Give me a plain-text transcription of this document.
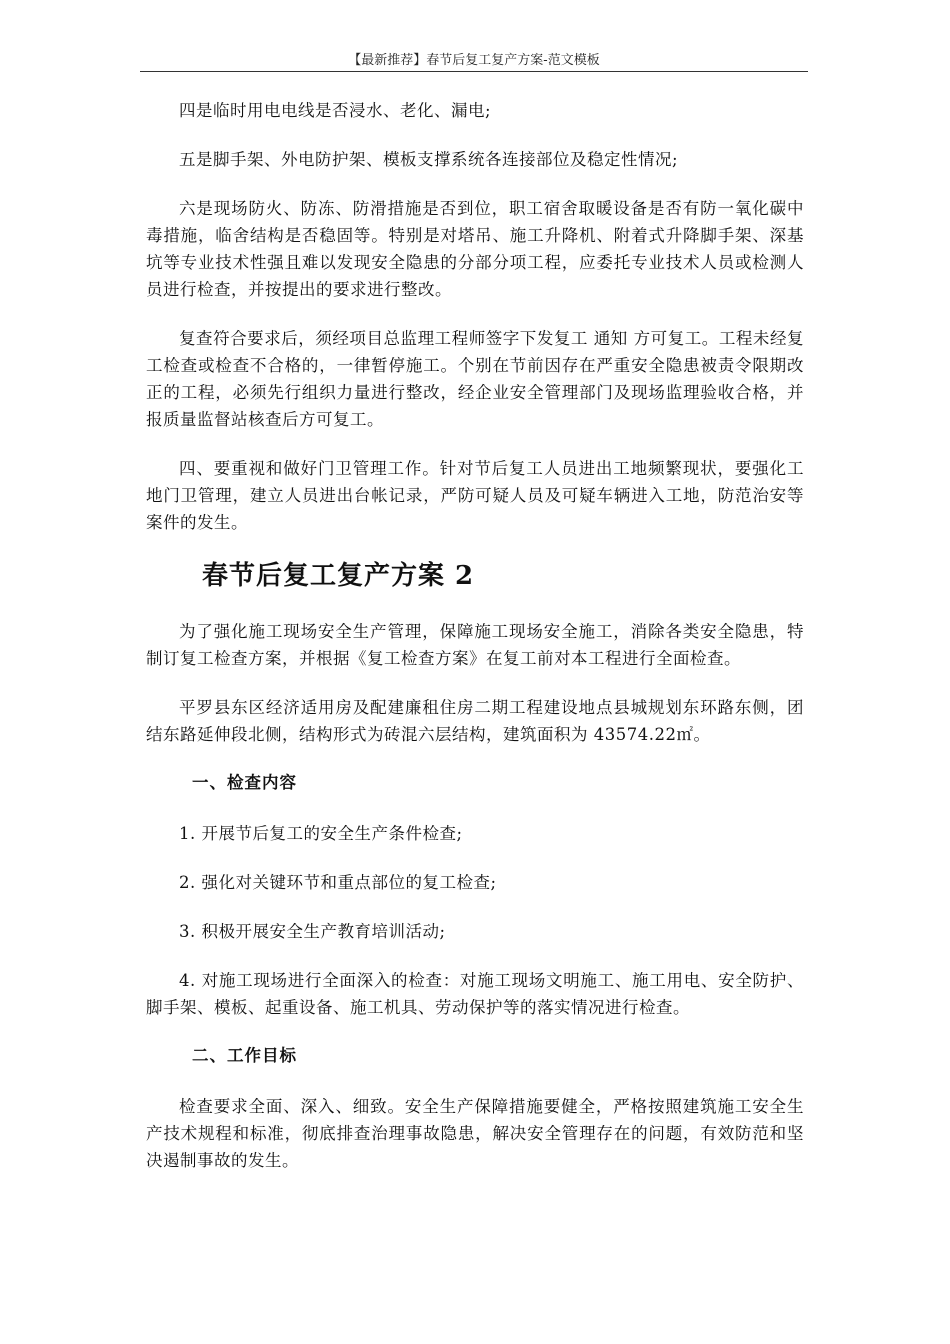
【最新推荐】春节后复工复产方案-范文模板

四是临时用电电线是否浸水、老化、漏电;

五是脚手架、外电防护架、模板支撑系统各连接部位及稳定性情况;

六是现场防火、防冻、防滑措施是否到位，职工宿舍取暖设备是否有防一氧化碳中毒措施，临舍结构是否稳固等。特别是对塔吊、施工升降机、附着式升降脚手架、深基坑等专业技术性强且难以发现安全隐患的分部分项工程，应委托专业技术人员或检测人员进行检查，并按提出的要求进行整改。

复查符合要求后，须经项目总监理工程师签字下发复工 通知 方可复工。工程未经复工检查或检查不合格的，一律暂停施工。个别在节前因存在严重安全隐患被责令限期改正的工程，必须先行组织力量进行整改，经企业安全管理部门及现场监理验收合格，并报质量监督站核查后方可复工。

四、要重视和做好门卫管理工作。针对节后复工人员进出工地频繁现状，要强化工地门卫管理，建立人员进出台帐记录，严防可疑人员及可疑车辆进入工地，防范治安等案件的发生。

春节后复工复产方案 2

为了强化施工现场安全生产管理，保障施工现场安全施工，消除各类安全隐患，特制订复工检查方案，并根据《复工检查方案》在复工前对本工程进行全面检查。

平罗县东区经济适用房及配建廉租住房二期工程建设地点县城规划东环路东侧，团结东路延伸段北侧，结构形式为砖混六层结构，建筑面积为 43574.22㎡。

一、检查内容

1. 开展节后复工的安全生产条件检查;

2. 强化对关键环节和重点部位的复工检查;

3. 积极开展安全生产教育培训活动;

4. 对施工现场进行全面深入的检查：对施工现场文明施工、施工用电、安全防护、脚手架、模板、起重设备、施工机具、劳动保护等的落实情况进行检查。

二、工作目标

检查要求全面、深入、细致。安全生产保障措施要健全，严格按照建筑施工安全生产技术规程和标准，彻底排查治理事故隐患，解决安全管理存在的问题，有效防范和坚决遏制事故的发生。
